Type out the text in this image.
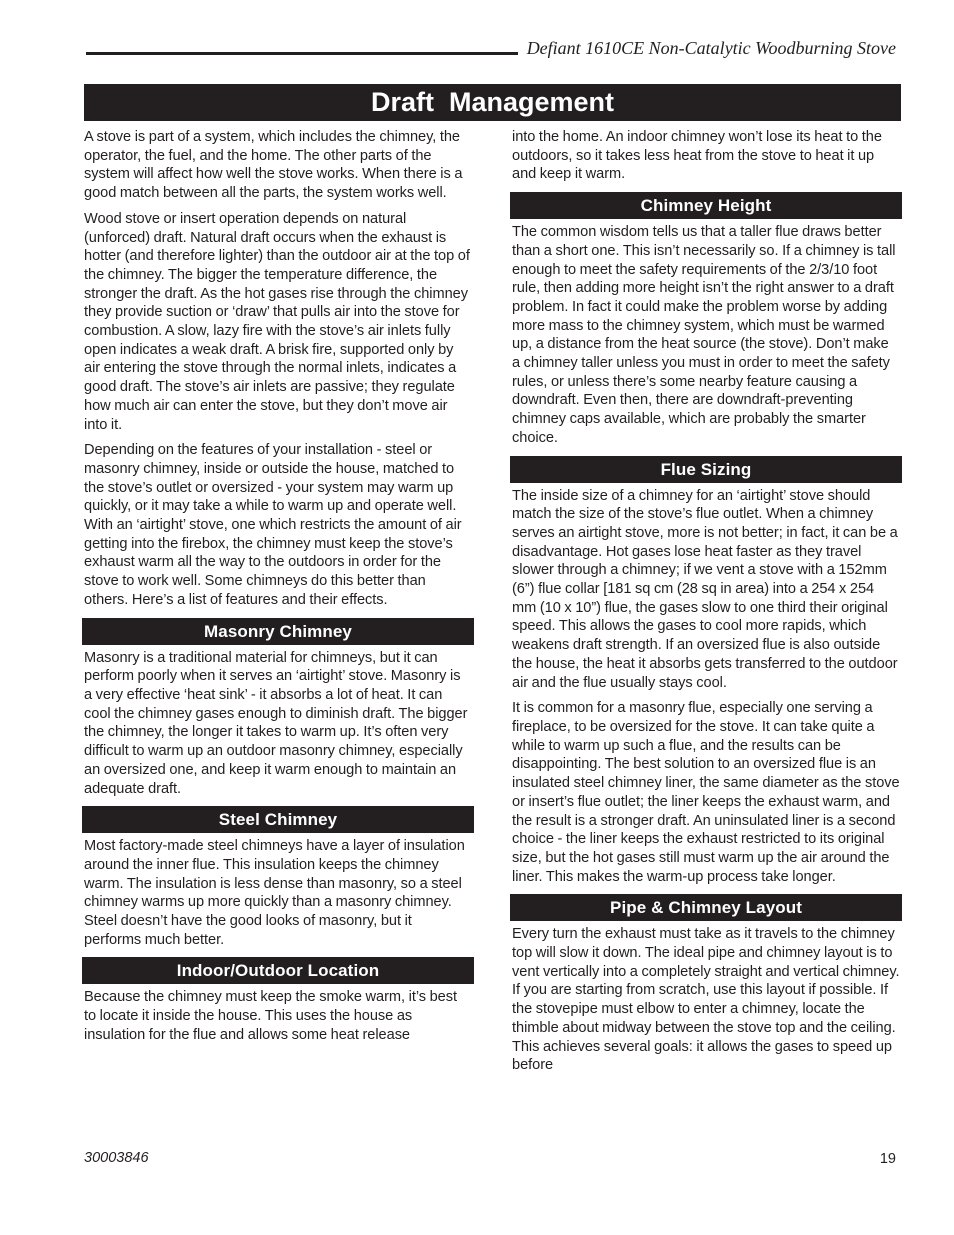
Defiant 1610CE Non-Catalytic Woodburning Stove
Draft  Management

A stove is part of a system, which includes the chimney, the operator, the fuel, and the home. The other parts of the system will affect how well the stove works. When there is a good match between all the parts, the system works well.

Wood stove or insert operation depends on natural (unforced) draft. Natural draft occurs when the exhaust is hotter (and therefore lighter) than the outdoor air at the top of the chimney. The bigger the temperature difference, the stronger the draft. As the hot gases rise through the chimney they provide suction or ‘draw’ that pulls air into the stove for combustion. A slow, lazy fire with the stove’s air inlets fully open indicates a weak draft. A brisk fire, supported only by air entering the stove through the normal inlets, indicates a good draft. The stove’s air inlets are passive; they regulate how much air can enter the stove, but they don’t move air into it.

Depending on the features of your installation - steel or masonry chimney, inside or outside the house, matched to the stove’s outlet or oversized - your system may warm up quickly, or it may take a while to warm up and operate well. With an ‘airtight’ stove, one which restricts the amount of air getting into the firebox, the chimney must keep the stove’s exhaust warm all the way to the outdoors in order for the stove to work well. Some chimneys do this better than others. Here’s a list of features and their effects.

Masonry Chimney

Masonry is a traditional material for chimneys, but it can perform poorly when it serves an ‘airtight’ stove. Masonry is a very effective ‘heat sink’ - it absorbs a lot of heat. It can cool the chimney gases enough to diminish draft. The bigger the chimney, the longer it takes to warm up. It’s often very difficult to warm up an outdoor masonry chimney, especially an oversized one, and keep it warm enough to maintain an adequate draft.

Steel Chimney

Most factory-made steel chimneys have a layer of insulation around the inner flue. This insulation keeps the chimney warm. The insulation is less dense than masonry, so a steel chimney warms up more quickly than a masonry chimney. Steel doesn’t have the good looks of masonry, but it performs much better.

Indoor/Outdoor Location

Because the chimney must keep the smoke warm, it’s best to locate it inside the house. This uses the house as insulation for the flue and allows some heat release

into the home. An indoor chimney won’t lose its heat to the outdoors, so it takes less heat from the stove to heat it up and keep it warm.

Chimney Height

The common wisdom tells us that a taller flue draws better than a short one. This isn’t necessarily so. If a chimney is tall enough to meet the safety requirements of the 2/3/10 foot rule, then adding more height isn’t the right answer to a draft problem. In fact it could make the problem worse by adding more mass to the chimney system, which must be warmed up, a distance from the heat source (the stove). Don’t make a chimney taller unless you must in order to meet the safety rules, or unless there’s some nearby feature causing a downdraft. Even then, there are downdraft-preventing chimney caps available, which are probably the smarter choice.

Flue Sizing

The inside size of a chimney for an ‘airtight’ stove should match the size of the stove’s flue outlet. When a chimney serves an airtight stove, more is not better; in fact, it can be a disadvantage. Hot gases lose heat faster as they travel slower through a chimney; if we vent a stove with a 152mm (6”) flue collar [181 sq cm (28 sq in area) into a 254 x 254 mm (10 x 10”) flue, the gases slow to one third their original speed. This allows the gases to cool more rapids, which weakens draft strength. If an oversized flue is also outside the house, the heat it absorbs gets transferred to the outdoor air and the flue usually stays cool.

It is common for a masonry flue, especially one serving a fireplace, to be oversized for the stove. It can take quite a while to warm up such a flue, and the results can be disappointing. The best solution to an oversized flue is an insulated steel chimney liner, the same diameter as the stove or insert’s flue outlet; the liner keeps the exhaust warm, and the result is a stronger draft. An uninsulated liner is a second choice - the liner keeps the exhaust restricted to its original size, but the hot gases still must warm up the air around the liner. This makes the warm-up process take longer.

Pipe & Chimney Layout

Every turn the exhaust must take as it travels to the chimney top will slow it down. The ideal pipe and chimney layout is to vent vertically into a completely straight and vertical chimney. If you are starting from scratch, use this layout if possible. If the stovepipe must elbow to enter a chimney, locate the thimble about midway between the stove top and the ceiling. This achieves several goals: it allows the gases to speed up before

30003846	19
